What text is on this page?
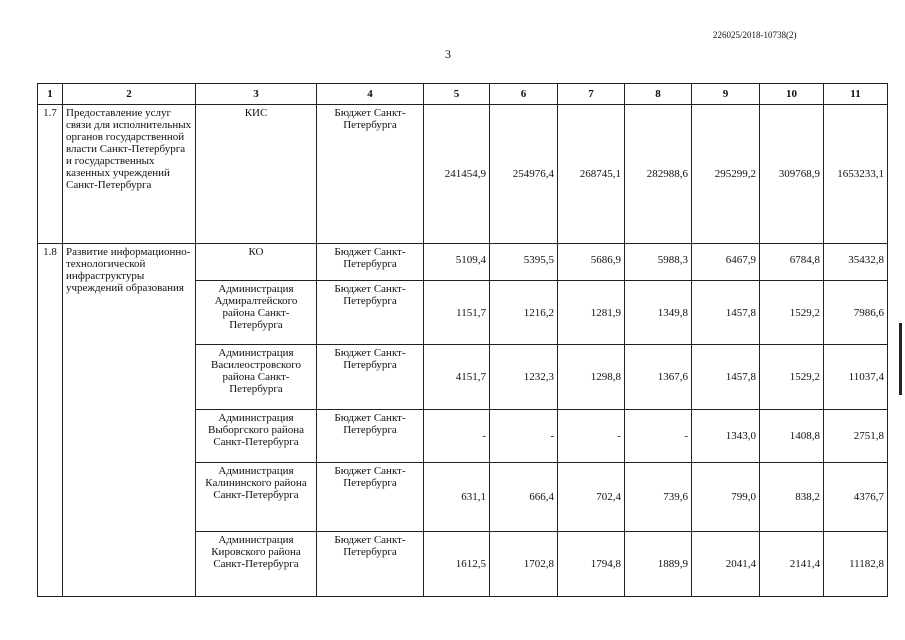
226025/2018-10738(2)
3
1	2	3	4	5	6	7	8	9	10	11
1.7	Предоставление услуг связи для исполнительных органов государственной власти Санкт-Петербурга и государственных казенных учреждений Санкт-Петербурга	КИС	Бюджет Санкт-Петербурга	241454,9	254976,4	268745,1	282988,6	295299,2	309768,9	1653233,1
1.8	Развитие информационно-технологической инфраструктуры учреждений образования	КО	Бюджет Санкт-Петербурга	5109,4	5395,5	5686,9	5988,3	6467,9	6784,8	35432,8
		Администрация Адмиралтейского района Санкт-Петербурга	Бюджет Санкт-Петербурга	1151,7	1216,2	1281,9	1349,8	1457,8	1529,2	7986,6
		Администрация Василеостровского района Санкт-Петербурга	Бюджет Санкт-Петербурга	4151,7	1232,3	1298,8	1367,6	1457,8	1529,2	11037,4
		Администрация Выборгского района Санкт-Петербурга	Бюджет Санкт-Петербурга	-	-	-	-	1343,0	1408,8	2751,8
		Администрация Калининского района Санкт-Петербурга	Бюджет Санкт-Петербурга	631,1	666,4	702,4	739,6	799,0	838,2	4376,7
		Администрация Кировского района Санкт-Петербурга	Бюджет Санкт-Петербурга	1612,5	1702,8	1794,8	1889,9	2041,4	2141,4	11182,8
